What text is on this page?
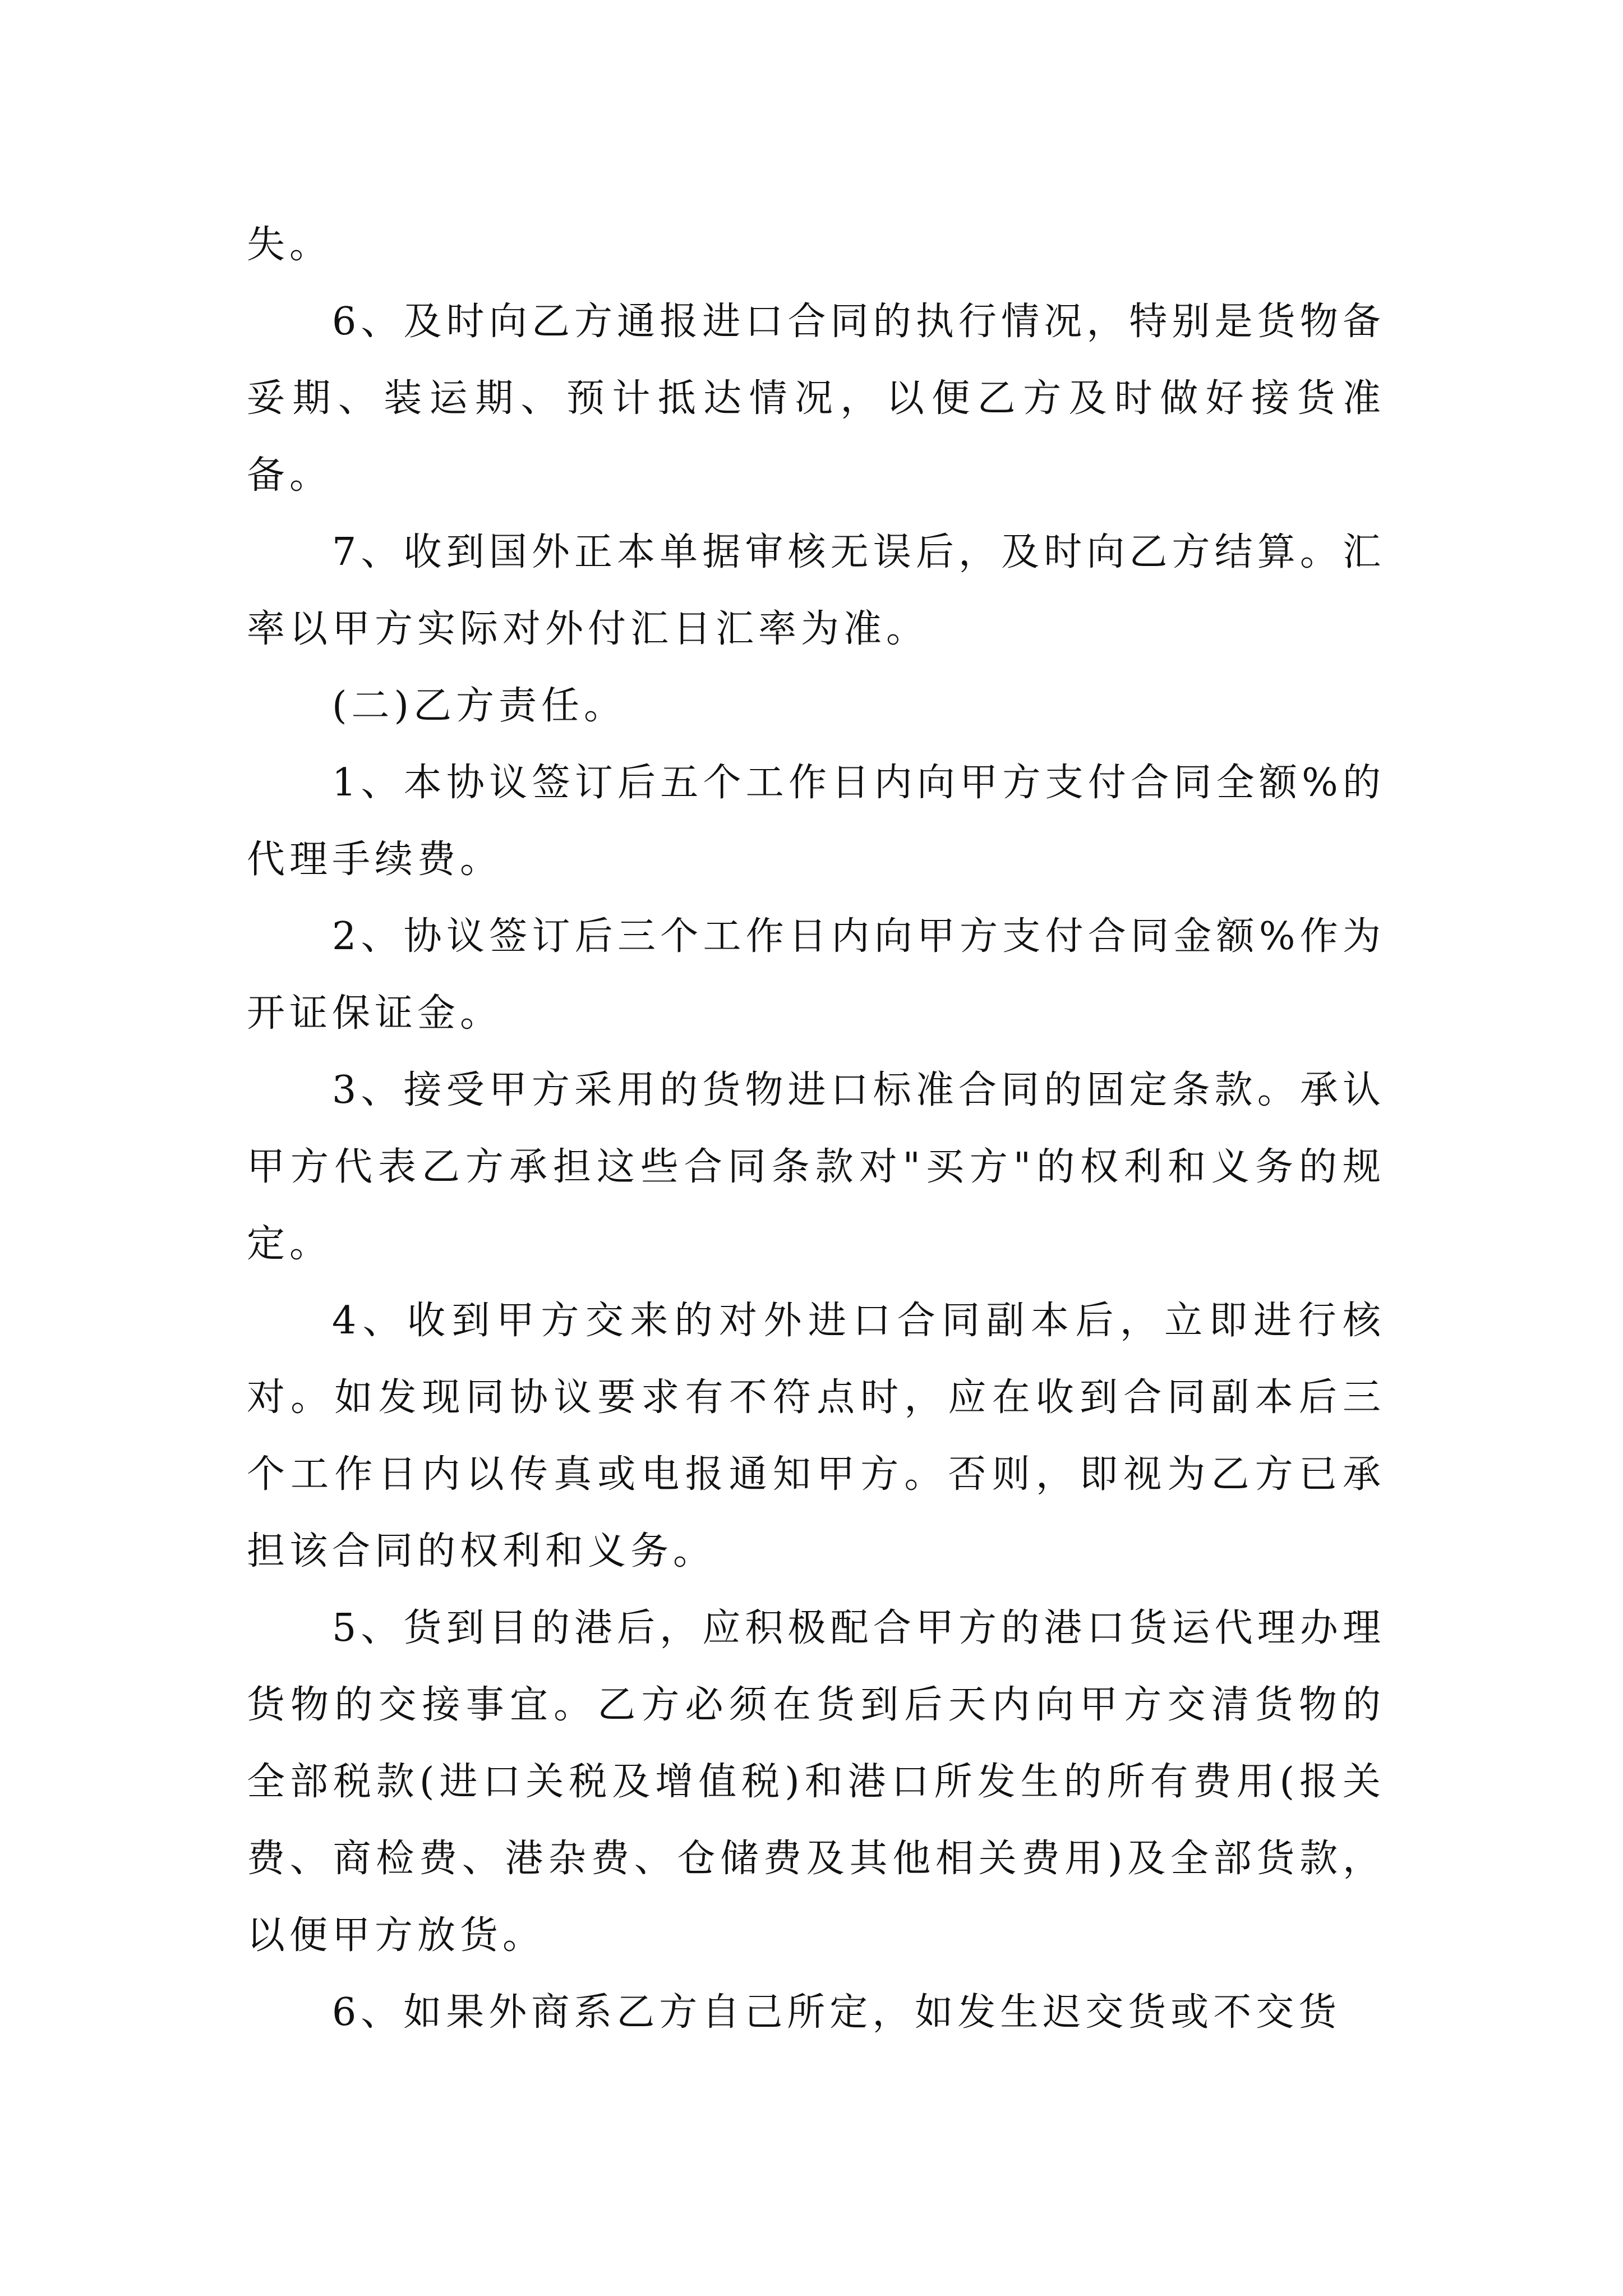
失。

6、及时向乙方通报进口合同的执行情况，特别是货物备妥期、装运期、预计抵达情况，以便乙方及时做好接货准备。

7、收到国外正本单据审核无误后，及时向乙方结算。汇率以甲方实际对外付汇日汇率为准。

(二)乙方责任。

1、本协议签订后五个工作日内向甲方支付合同全额%的代理手续费。

2、协议签订后三个工作日内向甲方支付合同金额%作为开证保证金。

3、接受甲方采用的货物进口标准合同的固定条款。承认甲方代表乙方承担这些合同条款对"买方"的权利和义务的规定。

4、收到甲方交来的对外进口合同副本后，立即进行核对。如发现同协议要求有不符点时，应在收到合同副本后三个工作日内以传真或电报通知甲方。否则，即视为乙方已承担该合同的权利和义务。

5、货到目的港后，应积极配合甲方的港口货运代理办理货物的交接事宜。乙方必须在货到后天内向甲方交清货物的全部税款(进口关税及增值税)和港口所发生的所有费用(报关费、商检费、港杂费、仓储费及其他相关费用)及全部货款，以便甲方放货。

6、如果外商系乙方自己所定，如发生迟交货或不交货
